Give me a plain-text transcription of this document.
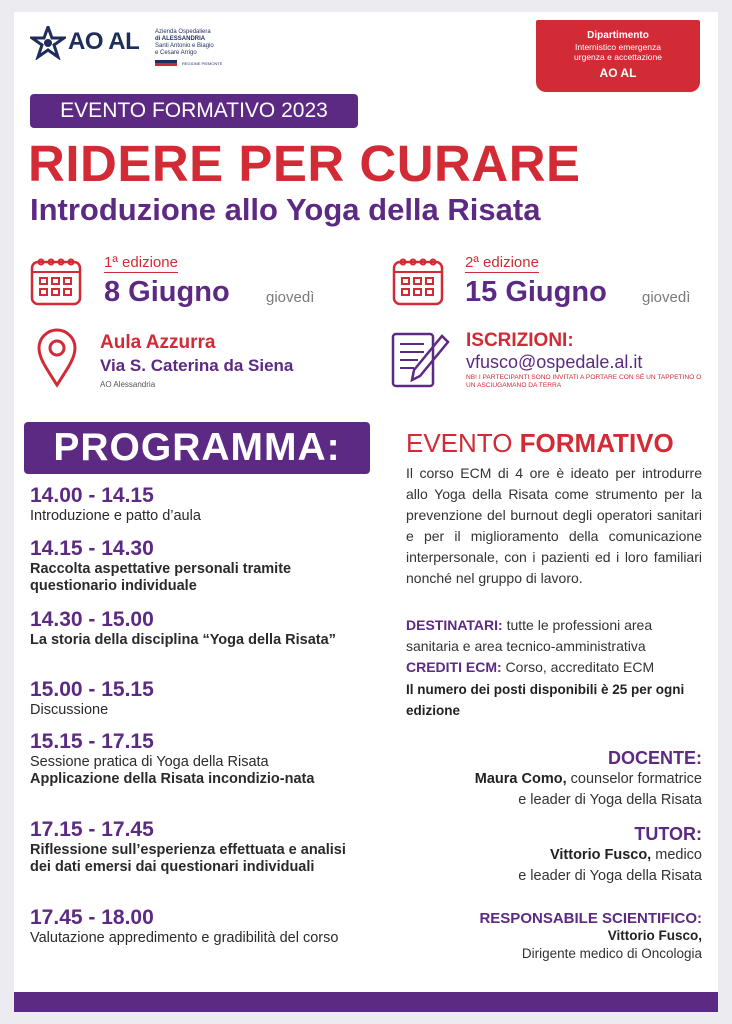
AO AL	Azienda Ospedaliera
di ALESSANDRIA
Santi Antonio e Biagio
e Cesare Arrigo
REGIONE PIEMONTE
Dipartimento
Internistico emergenza
urgenza e accettazione
AO AL
EVENTO FORMATIVO 2023
RIDERE PER CURARE
Introduzione allo Yoga della Risata
1ª edizione
8 Giugno giovedì
2ª edizione
15 Giugno giovedì
Aula Azzurra
Via S. Caterina da Siena
AO Alessandria
ISCRIZIONI:
vfusco@ospedale.al.it
NB! I PARTECIPANTI SONO INVITATI A PORTARE CON SÉ UN TAPPETINO O UN ASCIUGAMANO DA TERRA
PROGRAMMA:
14.00 - 14.15
Introduzione e patto d’aula
14.15 - 14.30
Raccolta aspettative personali tramite questionario individuale
14.30 - 15.00
La storia della disciplina “Yoga della Risata”
15.00 - 15.15
Discussione
15.15 - 17.15
Sessione pratica di Yoga della Risata
Applicazione della Risata incondizio-nata
17.15 - 17.45
Riflessione sull’esperienza effettuata e analisi dei dati emersi dai questionari individuali
17.45 - 18.00
Valutazione appredimento e gradibilità del corso
EVENTO FORMATIVO
Il corso ECM di 4 ore è ideato per introdurre allo Yoga della Risata come strumento per la prevenzione del burnout degli operatori sanitari e per il miglioramento della comunicazione interpersonale, con i pazienti ed i loro familiari nonché nel gruppo di lavoro.
DESTINATARI: tutte le professioni area sanitaria e area tecnico-amministrativa
CREDITI ECM: Corso, accreditato ECM
Il numero dei posti disponibili è 25 per ogni edizione
DOCENTE:
Maura Como, counselor formatrice
e leader di Yoga della Risata
TUTOR:
Vittorio Fusco, medico
e leader di Yoga della Risata
RESPONSABILE SCIENTIFICO:
Vittorio Fusco,
Dirigente medico di Oncologia
